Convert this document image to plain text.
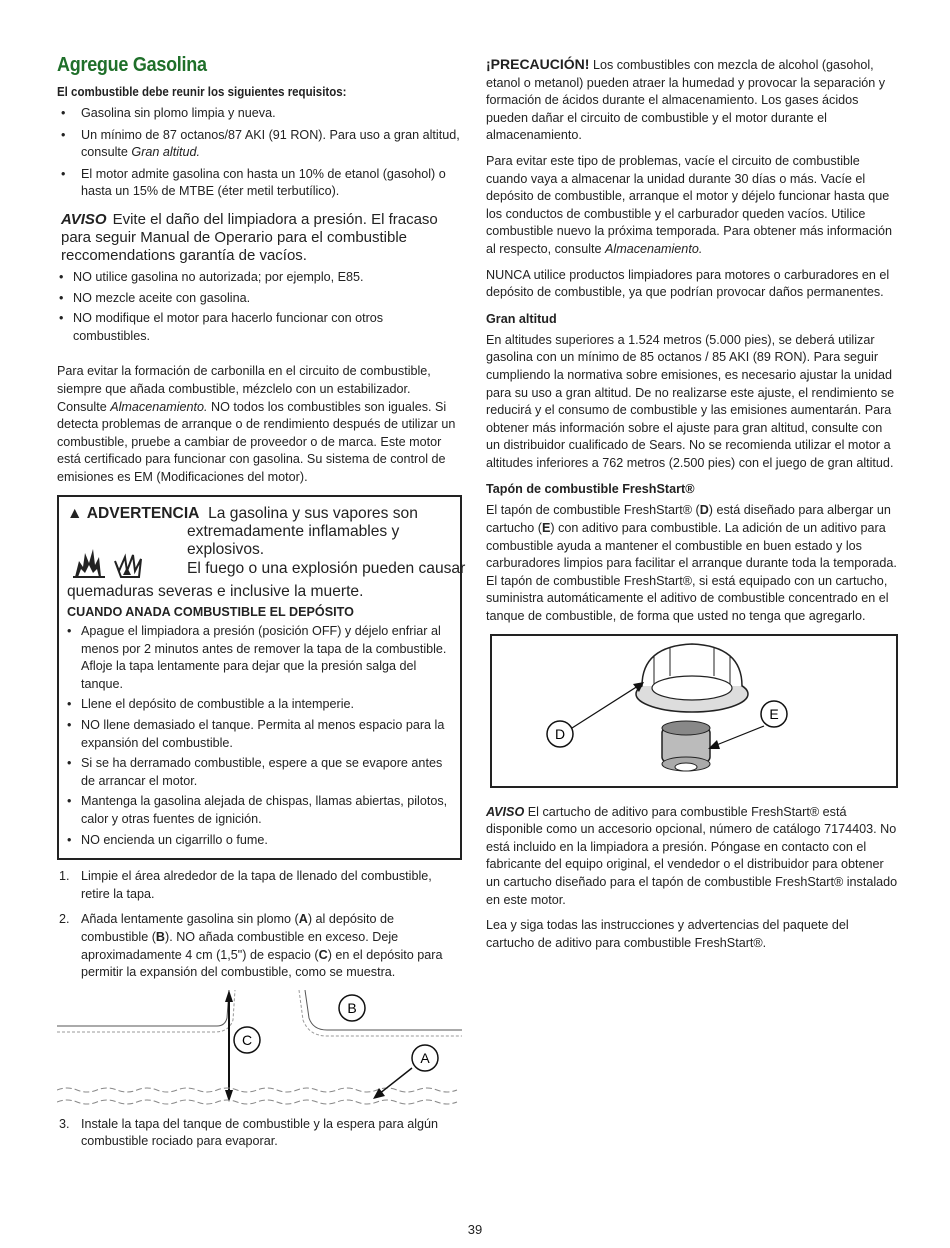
Agregue Gasolina
El combustible debe reunir los siguientes requisitos:
• Gasolina sin plomo limpia y nueva.
• Un mínimo de 87 octanos/87 AKI (91 RON). Para uso a gran altitud, consulte Gran altitud.
• El motor admite gasolina con hasta un 10% de etanol (gasohol) o hasta un 15% de MTBE (éter metil terbutílico).
AVISO Evite el daño del limpiadora a presión. El fracaso para seguir Manual de Operario para el combustible reccomendations garantía de vacíos.
• NO utilice gasolina no autorizada; por ejemplo, E85.
• NO mezcle aceite con gasolina.
• NO modifique el motor para hacerlo funcionar con otros combustibles.

Para evitar la formación de carbonilla en el circuito de combustible, siempre que añada combustible, mézclelo con un estabilizador. Consulte Almacenamiento. NO todos los combustibles son iguales. Si detecta problemas de arranque o de rendimiento después de utilizar un combustible, pruebe a cambiar de proveedor o de marca. Este motor está certificado para funcionar con gasolina. Su sistema de control de emisiones es EM (Modificaciones del motor).

▲ ADVERTENCIA La gasolina y sus vapores son
extremadamente inflamables y
explosivos.
El fuego o una explosión pueden causar
quemaduras severas e inclusive la muerte.
CUANDO ANADA COMBUSTIBLE EL DEPÓSITO
• Apague el limpiadora a presión (posición OFF) y déjelo enfriar al menos por 2 minutos antes de remover la tapa de la combustible. Afloje la tapa lentamente para dejar que la presión salga del tanque.
• Llene el depósito de combustible a la intemperie.
• NO llene demasiado el tanque. Permita al menos espacio para la expansión del combustible.
• Si se ha derramado combustible, espere a que se evapore antes de arrancar el motor.
• Mantenga la gasolina alejada de chispas, llamas abiertas, pilotos, calor y otras fuentes de ignición.
• NO encienda un cigarrillo o fume.
1. Limpie el área alrededor de la tapa de llenado del combustible, retire la tapa.
2. Añada lentamente gasolina sin plomo (A) al depósito de combustible (B). NO añada combustible en exceso. Deje aproximadamente 4 cm (1,5") de espacio (C) en el depósito para permitir la expansión del combustible, como se muestra.
B
C
A
3. Instale la tapa del tanque de combustible y la espera para algún combustible rociado para evaporar.

¡PRECAUCIÓN! Los combustibles con mezcla de alcohol (gasohol, etanol o metanol) pueden atraer la humedad y provocar la separación y formación de ácidos durante el almacenamiento. Los gases ácidos pueden dañar el circuito de combustible y el motor durante el almacenamiento.

Para evitar este tipo de problemas, vacíe el circuito de combustible cuando vaya a almacenar la unidad durante 30 días o más. Vacíe el depósito de combustible, arranque el motor y déjelo funcionar hasta que los conductos de combustible y el carburador queden vacíos. Utilice combustible nuevo la próxima temporada. Para obtener más información al respecto, consulte Almacenamiento.

NUNCA utilice productos limpiadores para motores o carburadores en el depósito de combustible, ya que podrían provocar daños permanentes.

Gran altitud

En altitudes superiores a 1.524 metros (5.000 pies), se deberá utilizar gasolina con un mínimo de 85 octanos / 85 AKI (89 RON). Para seguir cumpliendo la normativa sobre emisiones, es necesario ajustar la unidad para su uso a gran altitud. De no realizarse este ajuste, el rendimiento se reducirá y el consumo de combustible y las emisiones aumentarán. Para obtener más información sobre el ajuste para gran altitud, consulte con un distribuidor cualificado de Sears. No se recomienda utilizar el motor a altitudes inferiores a 762 metros (2.500 pies) con el juego de gran altitud.

Tapón de combustible FreshStart®

El tapón de combustible FreshStart® (D) está diseñado para albergar un cartucho (E) con aditivo para combustible. La adición de un aditivo para combustible ayuda a mantener el combustible en buen estado y los carburadores limpios para facilitar el arranque durante toda la temporada. El tapón de combustible FreshStart®, si está equipado con un cartucho, suministra automáticamente el aditivo de combustible concentrado en el tanque de combustible, de forma que usted no tenga que agregarlo.

D
E

AVISO El cartucho de aditivo para combustible FreshStart® está disponible como un accesorio opcional, número de catálogo 7174403. No está incluido en la limpiadora a presión. Póngase en contacto con el fabricante del equipo original, el vendedor o el distribuidor para obtener un cartucho diseñado para el tapón de combustible FreshStart® instalado en este motor.

Lea y siga todas las instrucciones y advertencias del paquete del cartucho de aditivo para combustible FreshStart®.

39
